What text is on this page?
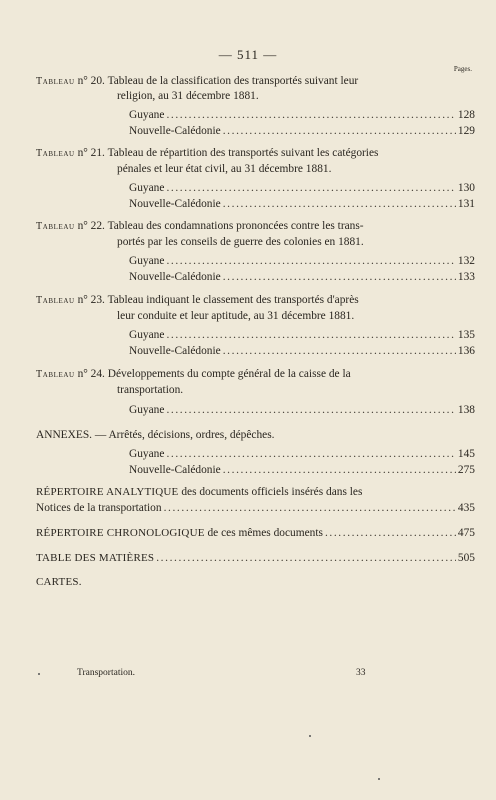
— 511 —
Pages.
Tableau n° 20. Tableau de la classification des transportés suivant leur
religion, au 31 décembre 1881.
Guyane .....	128
Nouvelle-Calédonie .....	129
Tableau n° 21. Tableau de répartition des transportés suivant les catégories
pénales et leur état civil, au 31 décembre 1881.
Guyane .....	130
Nouvelle-Calédonie .....	131
Tableau n° 22. Tableau des condamnations prononcées contre les trans-
portés par les conseils de guerre des colonies en 1881.
Guyane .....	132
Nouvelle-Calédonie .....	133
Tableau n° 23. Tableau indiquant le classement des transportés d'après
leur conduite et leur aptitude, au 31 décembre 1881.
Guyane .....	135
Nouvelle-Calédonie .....	136
Tableau n° 24. Développements du compte général de la caisse de la
transportation.
Guyane .....	138
ANNEXES. — Arrêtés, décisions, ordres, dépêches.
Guyane .....	145
Nouvelle-Calédonie .....	275
RÉPERTOIRE ANALYTIQUE des documents officiels insérés dans les
Notices de la transportation .....	435
RÉPERTOIRE CHRONOLOGIQUE de ces mêmes documents .....	475
TABLE DES MATIÈRES .....	505
CARTES.
Transportation.	33
